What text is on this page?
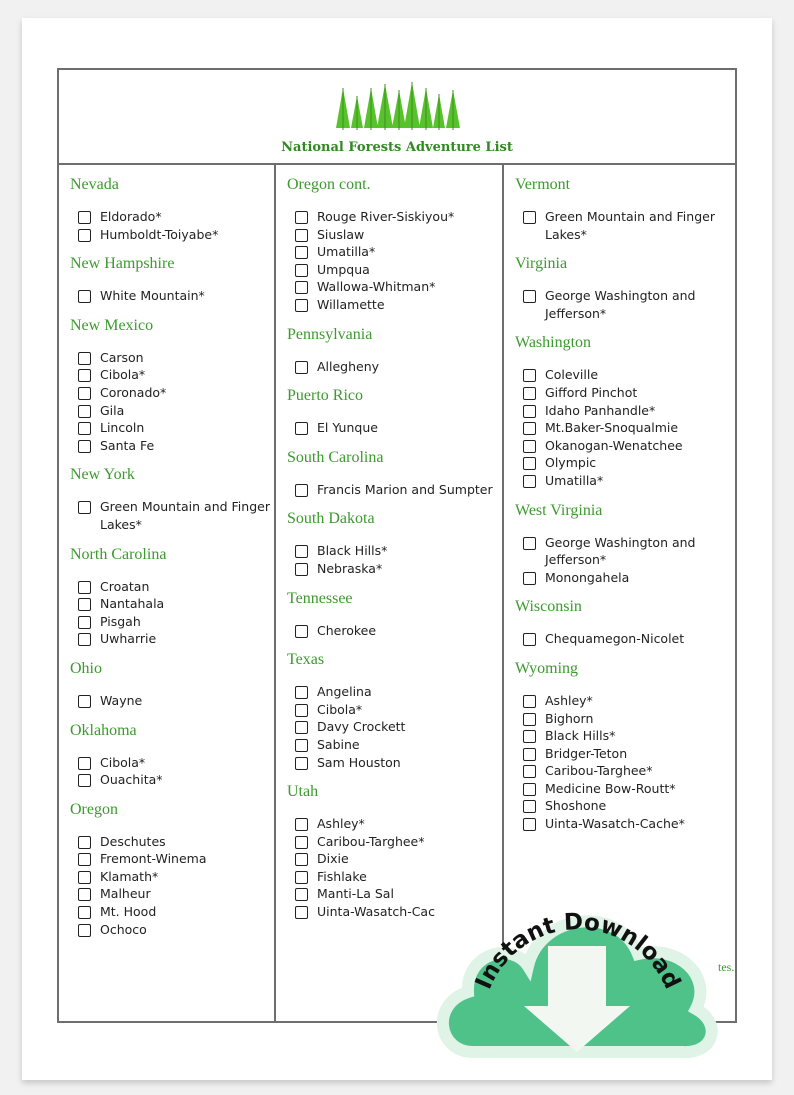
National Forests Adventure List
Nevada
Eldorado*
Humboldt-Toiyabe*
New Hampshire
White Mountain*
New Mexico
Carson
Cibola*
Coronado*
Gila
Lincoln
Santa Fe
New York
Green Mountain and Finger Lakes*
North Carolina
Croatan
Nantahala
Pisgah
Uwharrie
Ohio
Wayne
Oklahoma
Cibola*
Ouachita*
Oregon
Deschutes
Fremont-Winema
Klamath*
Malheur
Mt. Hood
Ochoco
Oregon cont.
Rouge River-Siskiyou*
Siuslaw
Umatilla*
Umpqua
Wallowa-Whitman*
Willamette
Pennsylvania
Allegheny
Puerto Rico
El Yunque
South Carolina
Francis Marion and Sumpter
South Dakota
Black Hills*
Nebraska*
Tennessee
Cherokee
Texas
Angelina
Cibola*
Davy Crockett
Sabine
Sam Houston
Utah
Ashley*
Caribou-Targhee*
Dixie
Fishlake
Manti-La Sal
Uinta-Wasatch-Cac
Vermont
Green Mountain and Finger Lakes*
Virginia
George Washington and Jefferson*
Washington
Coleville
Gifford Pinchot
Idaho Panhandle*
Mt.Baker-Snoqualmie
Okanogan-Wenatchee
Olympic
Umatilla*
West Virginia
George Washington and Jefferson*
Monongahela
Wisconsin
Chequamegon-Nicolet
Wyoming
Ashley*
Bighorn
Black Hills*
Bridger-Teton
Caribou-Targhee*
Medicine Bow-Routt*
Shoshone
Uinta-Wasatch-Cache*
tes.
Instant Download
